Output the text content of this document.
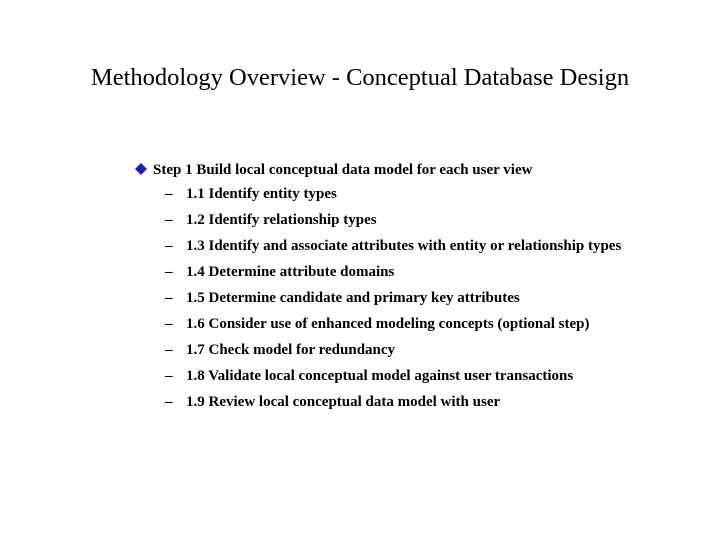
Methodology Overview - Conceptual Database Design
Step 1 Build local conceptual data model for each user view
– 1.1 Identify entity types
– 1.2 Identify relationship types
– 1.3 Identify and associate attributes with entity or relationship types
– 1.4 Determine attribute domains
– 1.5 Determine candidate and primary key attributes
– 1.6 Consider use of enhanced modeling concepts (optional step)
– 1.7 Check model for redundancy
– 1.8 Validate local conceptual model against user transactions
– 1.9 Review local conceptual data model with user
